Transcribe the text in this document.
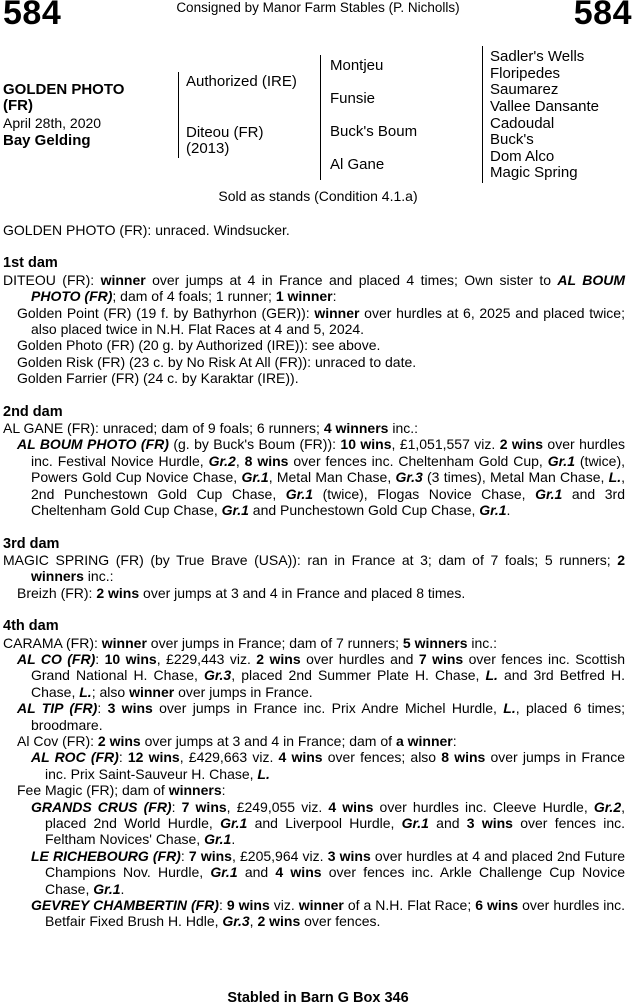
584	Consigned by Manor Farm Stables (P. Nicholls)	584
GOLDEN PHOTO
(FR)
April 28th, 2020
Bay Gelding
Authorized (IRE)
Diteou (FR)
(2013)
Montjeu
Funsie
Buck's Boum
Al Gane
Sadler's Wells
Floripedes
Saumarez
Vallee Dansante
Cadoudal
Buck's
Dom Alco
Magic Spring
Sold as stands (Condition 4.1.a)

GOLDEN PHOTO (FR): unraced. Windsucker.

1st dam

DITEOU (FR): winner over jumps at 4 in France and placed 4 times; Own sister to AL BOUM PHOTO (FR); dam of 4 foals; 1 runner; 1 winner:

Golden Point (FR) (19 f. by Bathyrhon (GER)): winner over hurdles at 6, 2025 and placed twice; also placed twice in N.H. Flat Races at 4 and 5, 2024.

Golden Photo (FR) (20 g. by Authorized (IRE)): see above.

Golden Risk (FR) (23 c. by No Risk At All (FR)): unraced to date.

Golden Farrier (FR) (24 c. by Karaktar (IRE)).

2nd dam

AL GANE (FR): unraced; dam of 9 foals; 6 runners; 4 winners inc.:

AL BOUM PHOTO (FR) (g. by Buck's Boum (FR)): 10 wins, £1,051,557 viz. 2 wins over hurdles inc. Festival Novice Hurdle, Gr.2, 8 wins over fences inc. Cheltenham Gold Cup, Gr.1 (twice), Powers Gold Cup Novice Chase, Gr.1, Metal Man Chase, Gr.3 (3 times), Metal Man Chase, L., 2nd Punchestown Gold Cup Chase, Gr.1 (twice), Flogas Novice Chase, Gr.1 and 3rd Cheltenham Gold Cup Chase, Gr.1 and Punchestown Gold Cup Chase, Gr.1.

3rd dam

MAGIC SPRING (FR) (by True Brave (USA)): ran in France at 3; dam of 7 foals; 5 runners; 2 winners inc.:

Breizh (FR): 2 wins over jumps at 3 and 4 in France and placed 8 times.

4th dam

CARAMA (FR): winner over jumps in France; dam of 7 runners; 5 winners inc.:

AL CO (FR): 10 wins, £229,443 viz. 2 wins over hurdles and 7 wins over fences inc. Scottish Grand National H. Chase, Gr.3, placed 2nd Summer Plate H. Chase, L. and 3rd Betfred H. Chase, L.; also winner over jumps in France.

AL TIP (FR): 3 wins over jumps in France inc. Prix Andre Michel Hurdle, L., placed 6 times; broodmare.

Al Cov (FR): 2 wins over jumps at 3 and 4 in France; dam of a winner:

AL ROC (FR): 12 wins, £429,663 viz. 4 wins over fences; also 8 wins over jumps in France inc. Prix Saint-Sauveur H. Chase, L.

Fee Magic (FR); dam of winners:

GRANDS CRUS (FR): 7 wins, £249,055 viz. 4 wins over hurdles inc. Cleeve Hurdle, Gr.2, placed 2nd World Hurdle, Gr.1 and Liverpool Hurdle, Gr.1 and 3 wins over fences inc. Feltham Novices' Chase, Gr.1.

LE RICHEBOURG (FR): 7 wins, £205,964 viz. 3 wins over hurdles at 4 and placed 2nd Future Champions Nov. Hurdle, Gr.1 and 4 wins over fences inc. Arkle Challenge Cup Novice Chase, Gr.1.

GEVREY CHAMBERTIN (FR): 9 wins viz. winner of a N.H. Flat Race; 6 wins over hurdles inc. Betfair Fixed Brush H. Hdle, Gr.3, 2 wins over fences.

Stabled in Barn G Box 346
